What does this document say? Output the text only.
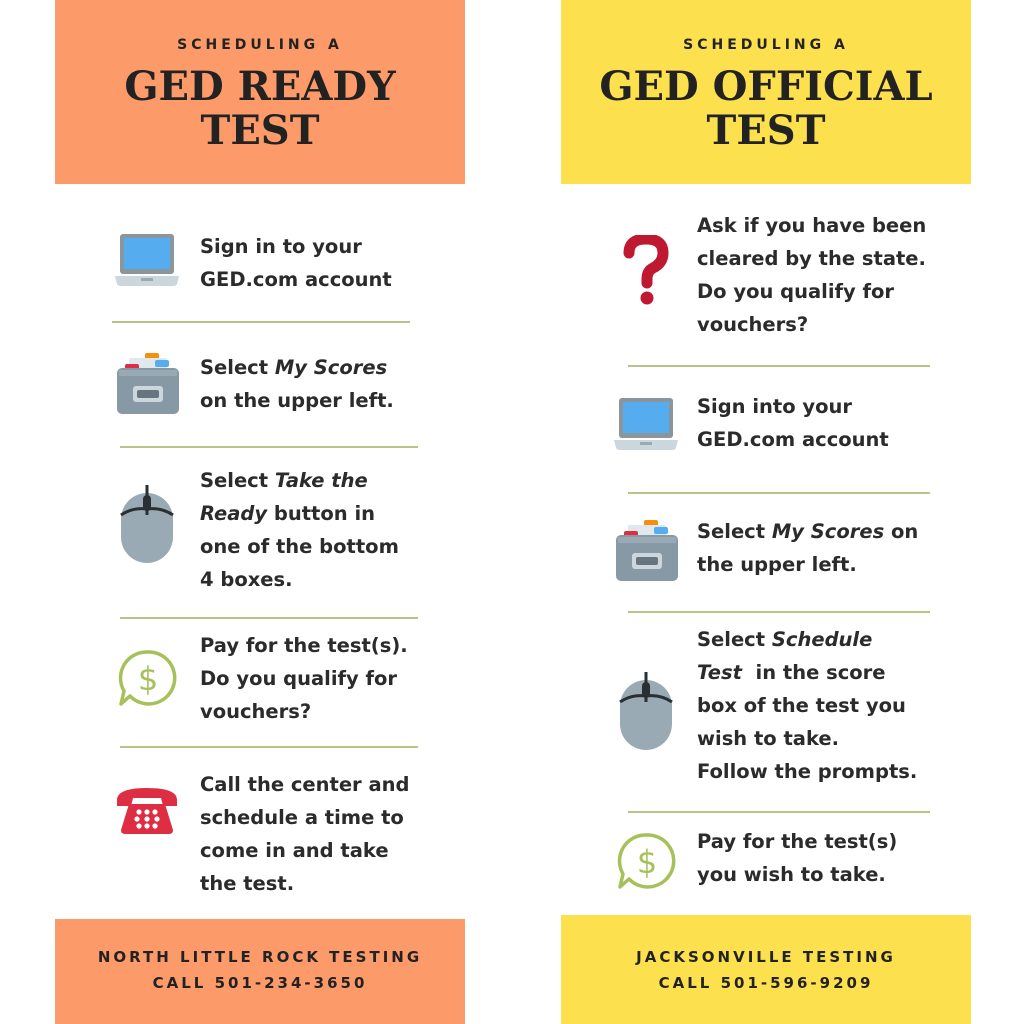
SCHEDULING A
GED READY
TEST
Sign in to your
GED.com account
Select My Scores
on the upper left.
Select Take the
Ready button in
one of the bottom
4 boxes.
$
Pay for the test(s).
Do you qualify for
vouchers?
Call the center and
schedule a time to
come in and take
the test.
NORTH LITTLE ROCK TESTING
CALL 501-234-3650
SCHEDULING A
GED OFFICIAL
TEST
Ask if you have been
cleared by the state.
Do you qualify for
vouchers?
Sign into your
GED.com account
Select My Scores on
the upper left.
Select Schedule
Test  in the score
box of the test you
wish to take.
Follow the prompts.
$
Pay for the test(s)
you wish to take.
JACKSONVILLE TESTING
CALL 501-596-9209
